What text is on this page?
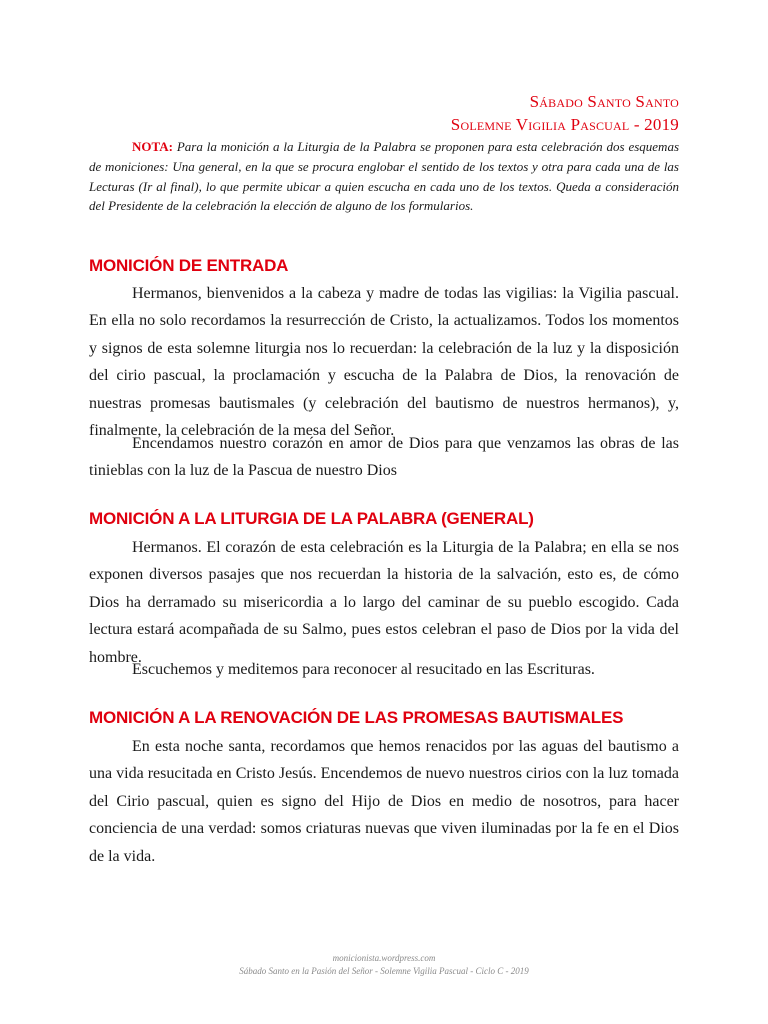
Sábado Santo Santo
Solemne Vigilia Pascual - 2019

NOTA: Para la monición a la Liturgia de la Palabra se proponen para esta celebración dos esquemas de moniciones: Una general, en la que se procura englobar el sentido de los textos y otra para cada una de las Lecturas (Ir al final), lo que permite ubicar a quien escucha en cada uno de los textos. Queda a consideración del Presidente de la celebración la elección de alguno de los formularios.

MONICIÓN DE ENTRADA

Hermanos, bienvenidos a la cabeza y madre de todas las vigilias: la Vigilia pascual. En ella no solo recordamos la resurrección de Cristo, la actualizamos. Todos los momentos y signos de esta solemne liturgia nos lo recuerdan: la celebración de la luz y la disposición del cirio pascual, la proclamación y escucha de la Palabra de Dios, la renovación de nuestras promesas bautismales (y celebración del bautismo de nuestros hermanos), y, finalmente, la celebración de la mesa del Señor.

Encendamos nuestro corazón en amor de Dios para que venzamos las obras de las tinieblas con la luz de la Pascua de nuestro Dios

MONICIÓN A LA LITURGIA DE LA PALABRA (GENERAL)

Hermanos. El corazón de esta celebración es la Liturgia de la Palabra; en ella se nos exponen diversos pasajes que nos recuerdan la historia de la salvación, esto es, de cómo Dios ha derramado su misericordia a lo largo del caminar de su pueblo escogido. Cada lectura estará acompañada de su Salmo, pues estos celebran el paso de Dios por la vida del hombre.

Escuchemos y meditemos para reconocer al resucitado en las Escrituras.

MONICIÓN A LA RENOVACIÓN DE LAS PROMESAS BAUTISMALES

En esta noche santa, recordamos que hemos renacidos por las aguas del bautismo a una vida resucitada en Cristo Jesús. Encendemos de nuevo nuestros cirios con la luz tomada del Cirio pascual, quien es signo del Hijo de Dios en medio de nosotros, para hacer conciencia de una verdad: somos criaturas nuevas que viven iluminadas por la fe en el Dios de la vida.

monicionista.wordpress.com

Sábado Santo en la Pasión del Señor - Solemne Vigilia Pascual - Ciclo C - 2019
